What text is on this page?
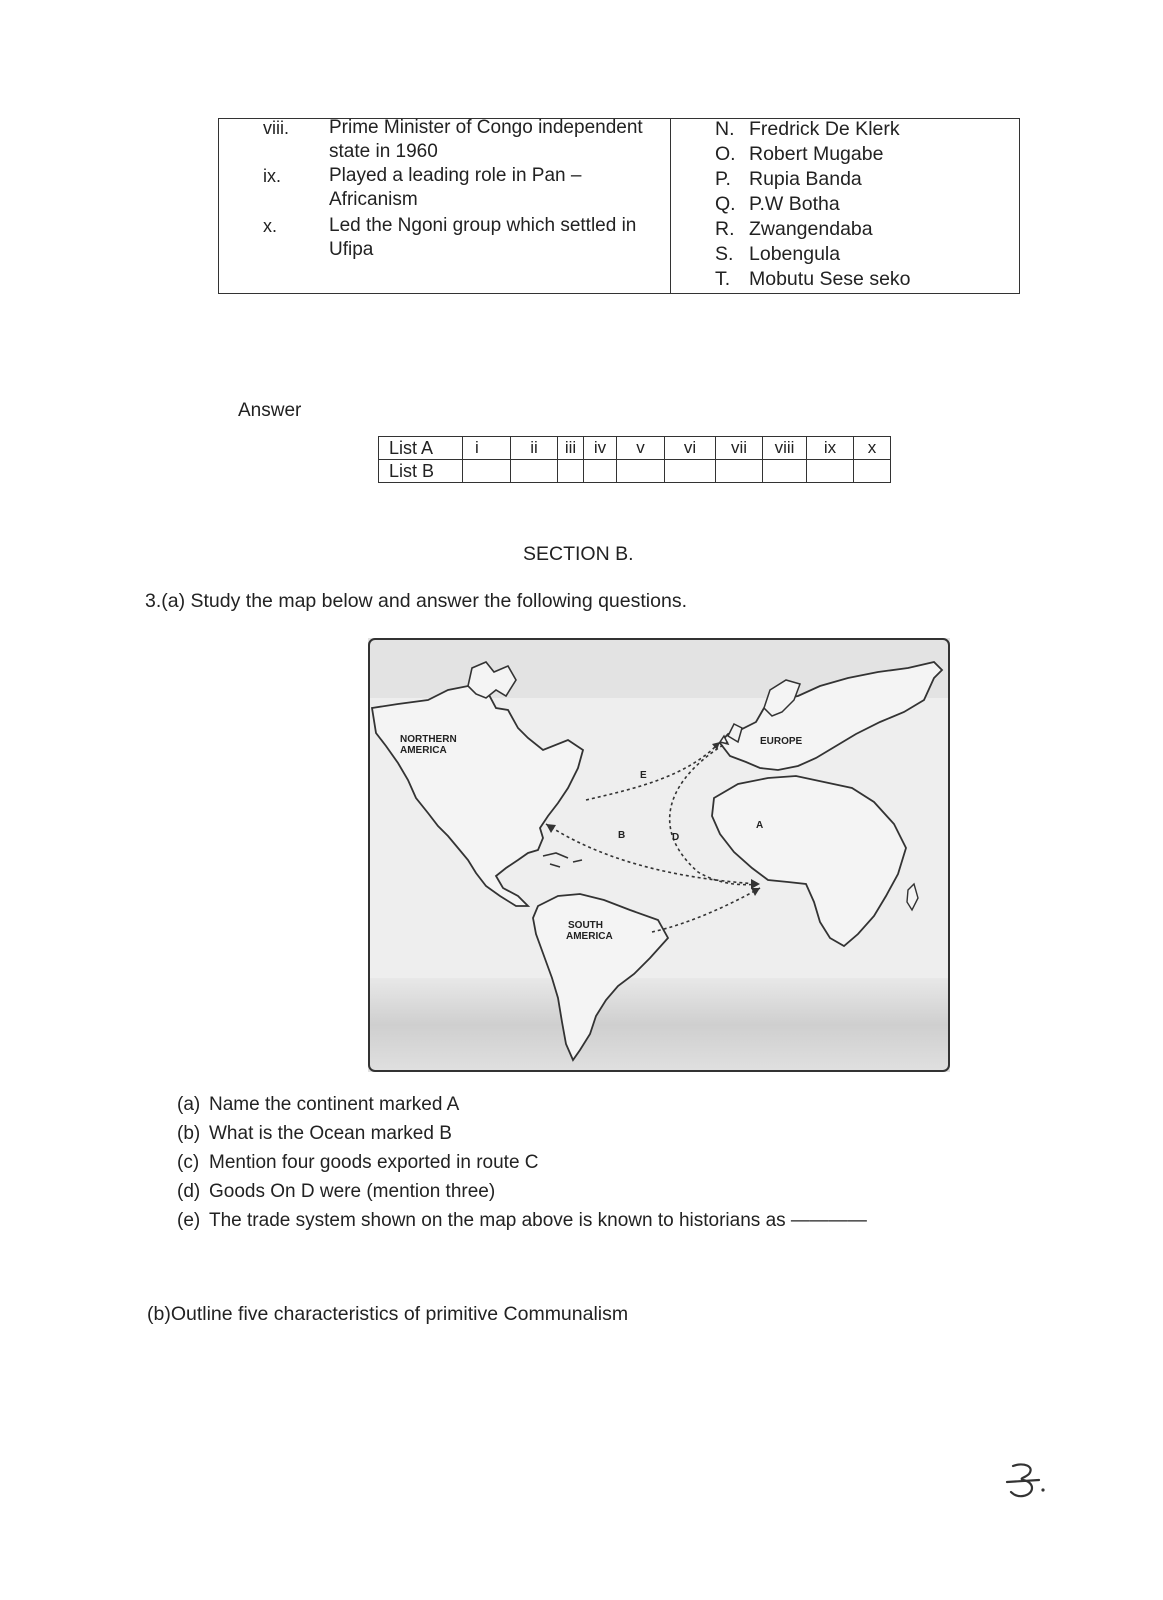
viii. Prime Minister of Congo independent state in 1960
ix.	Played a leading role in Pan – Africanism
x.	Led the Ngoni group which settled in Ufipa
N. Fredrick De Klerk
O. Robert Mugabe
P. Rupia Banda
Q. P.W Botha
R. Zwangendaba
S. Lobengula
T. Mobutu Sese seko
Answer
List A	i	ii	iii	iv	v	vi	vii	viii	ix	x
List B										
SECTION B.
3.(a) Study the map below and answer the following questions.
NORTHERN
AMERICA
EUROPE
SOUTH
AMERICA
A
B	D
E
(a) Name the continent marked A
(b) What is the Ocean marked B
(c) Mention four goods exported in route C
(d) Goods On D were (mention three)
(e) The trade system shown on the map above is known to historians as ————
(b)Outline five characteristics of primitive Communalism
